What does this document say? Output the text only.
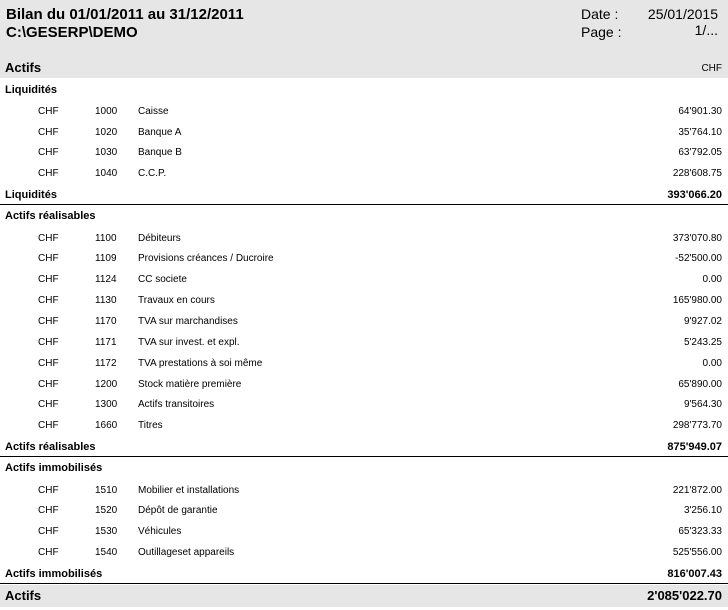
Bilan du 01/01/2011 au 31/12/2011
C:\GESERP\DEMO
Date : 25/01/2015
Page :	1/...
Actifs	CHF
Liquidités
CHF	1000 Caisse	64'901.30
CHF	1020 Banque A	35'764.10
CHF	1030 Banque B	63'792.05
CHF	1040 C.C.P.	228'608.75
Liquidités	393'066.20
Actifs réalisables
CHF	1100 Débiteurs	373'070.80
CHF	1109 Provisions créances / Ducroire	-52'500.00
CHF	1124 CC societe	0.00
CHF	1130 Travaux en cours	165'980.00
CHF	1170 TVA sur marchandises	9'927.02
CHF	1171 TVA sur invest. et expl.	5'243.25
CHF	1172 TVA prestations à soi même	0.00
CHF	1200 Stock matière première	65'890.00
CHF	1300 Actifs transitoires	9'564.30
CHF	1660 Titres	298'773.70
Actifs réalisables	875'949.07
Actifs immobilisés
CHF	1510 Mobilier et installations	221'872.00
CHF	1520 Dépôt de garantie	3'256.10
CHF	1530 Véhicules	65'323.33
CHF	1540 Outillageset appareils	525'556.00
Actifs immobilisés	816'007.43
Actifs	2'085'022.70
